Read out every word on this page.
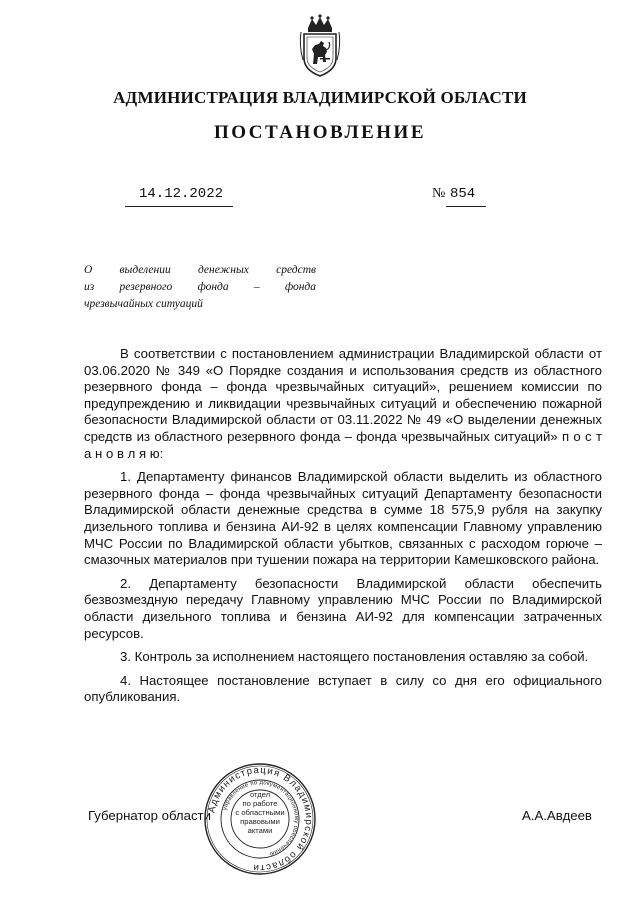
АДМИНИСТРАЦИЯ ВЛАДИМИРСКОЙ ОБЛАСТИ
ПОСТАНОВЛЕНИЕ
14.12.2022	№ 854
О выделении денежных средств
из резервного фонда – фонда
чрезвычайных ситуаций

В соответствии с постановлением администрации Владимирской области от 03.06.2020 № 349 «О Порядке создания и использования средств из областного резервного фонда – фонда чрезвычайных ситуаций», решением комиссии по предупреждению и ликвидации чрезвычайных ситуаций и обеспечению пожарной безопасности Владимирской области от 03.11.2022 № 49 «О выделении денежных средств из областного резервного фонда – фонда чрезвычайных ситуаций» п о с т а н о в л я ю:

1. Департаменту финансов Владимирской области выделить из областного резервного фонда – фонда чрезвычайных ситуаций Департаменту безопасности Владимирской области денежные средства в сумме 18 575,9 рубля на закупку дизельного топлива и бензина АИ-92 в целях компенсации Главному управлению МЧС России по Владимирской области убытков, связанных с расходом горюче – смазочных материалов при тушении пожара на территории Камешковского района.

2. Департаменту безопасности Владимирской области обеспечить безвозмездную передачу Главному управлению МЧС России по Владимирской области дизельного топлива и бензина АИ-92 для компенсации затраченных ресурсов.

3. Контроль за исполнением настоящего постановления оставляю за собой.

4. Настоящее постановление вступает в силу со дня его официального опубликования.

Губернатор области	А.А.Авдеев
Администрация Владимирской области
управление по документационному обеспечению
отдел
по работе
с областными
правовыми
актами
